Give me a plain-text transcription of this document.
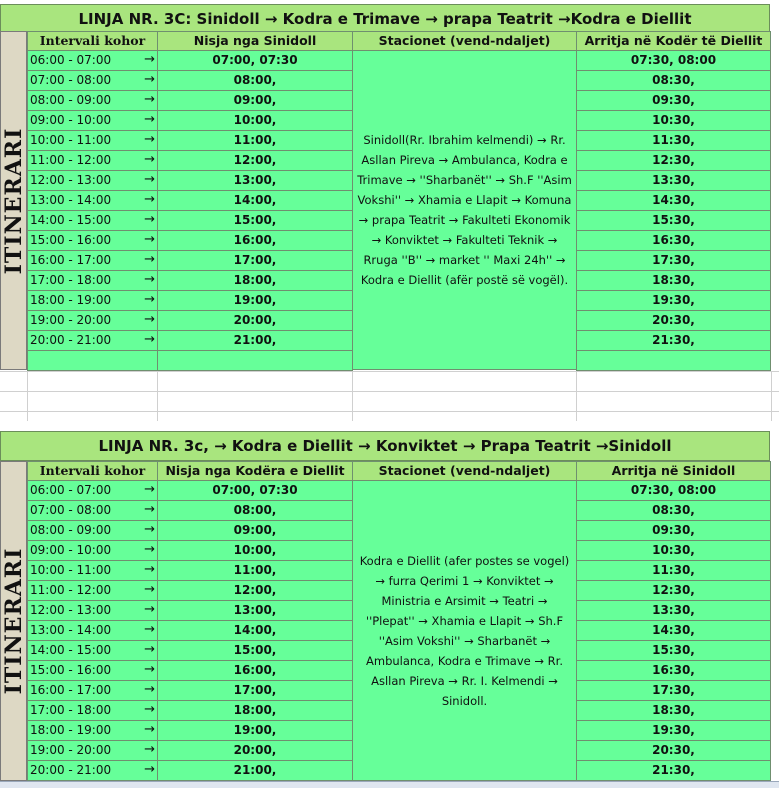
LINJA NR. 3C: Sinidoll → Kodra e Trimave → prapa Teatrit →Kodra e Diellit
ITINERARI
Intervali kohor	Nisja nga Sinidoll	Stacionet (vend-ndaljet)	Arritja në Kodër të Diellit
06:00 - 07:00	→	07:00, 07:30	07:30, 08:00
07:00 - 08:00	→	08:00,	08:30,
08:00 - 09:00	→	09:00,	09:30,
09:00 - 10:00	→	10:00,	10:30,
10:00 - 11:00	→	11:00,	11:30,
11:00 - 12:00	→	12:00,	12:30,
12:00 - 13:00	→	13:00,	13:30,
13:00 - 14:00	→	14:00,	14:30,
14:00 - 15:00	→	15:00,	15:30,
15:00 - 16:00	→	16:00,	16:30,
16:00 - 17:00	→	17:00,	17:30,
17:00 - 18:00	→	18:00,	18:30,
18:00 - 19:00	→	19:00,	19:30,
19:00 - 20:00	→	20:00,	20:30,
20:00 - 21:00	→	21:00,	21:30,
Sinidoll(Rr. Ibrahim kelmendi) → Rr. Asllan Pireva → Ambulanca, Kodra e Trimave → ''Sharbanët'' → Sh.F ''Asim Vokshi'' → Xhamia e Llapit → Komuna → prapa Teatrit → Fakulteti Ekonomik → Konviktet → Fakulteti Teknik → Rruga ''B'' → market '' Maxi 24h'' → Kodra e Diellit (afër postë së vogël).
LINJA NR. 3c, → Kodra e Diellit → Konviktet → Prapa Teatrit →Sinidoll
ITINERARI
Intervali kohor	Nisja nga Kodëra e Diellit	Stacionet (vend-ndaljet)	Arritja në Sinidoll
06:00 - 07:00	→	07:00, 07:30	07:30, 08:00
07:00 - 08:00	→	08:00,	08:30,
08:00 - 09:00	→	09:00,	09:30,
09:00 - 10:00	→	10:00,	10:30,
10:00 - 11:00	→	11:00,	11:30,
11:00 - 12:00	→	12:00,	12:30,
12:00 - 13:00	→	13:00,	13:30,
13:00 - 14:00	→	14:00,	14:30,
14:00 - 15:00	→	15:00,	15:30,
15:00 - 16:00	→	16:00,	16:30,
16:00 - 17:00	→	17:00,	17:30,
17:00 - 18:00	→	18:00,	18:30,
18:00 - 19:00	→	19:00,	19:30,
19:00 - 20:00	→	20:00,	20:30,
20:00 - 21:00	→	21:00,	21:30,
Kodra e Diellit (afer postes se vogel) → furra Qerimi 1 → Konviktet → Ministria e Arsimit → Teatri → ''Plepat'' → Xhamia e Llapit → Sh.F ''Asim Vokshi'' → Sharbanët → Ambulanca, Kodra e Trimave → Rr. Asllan Pireva → Rr. I. Kelmendi → Sinidoll.
